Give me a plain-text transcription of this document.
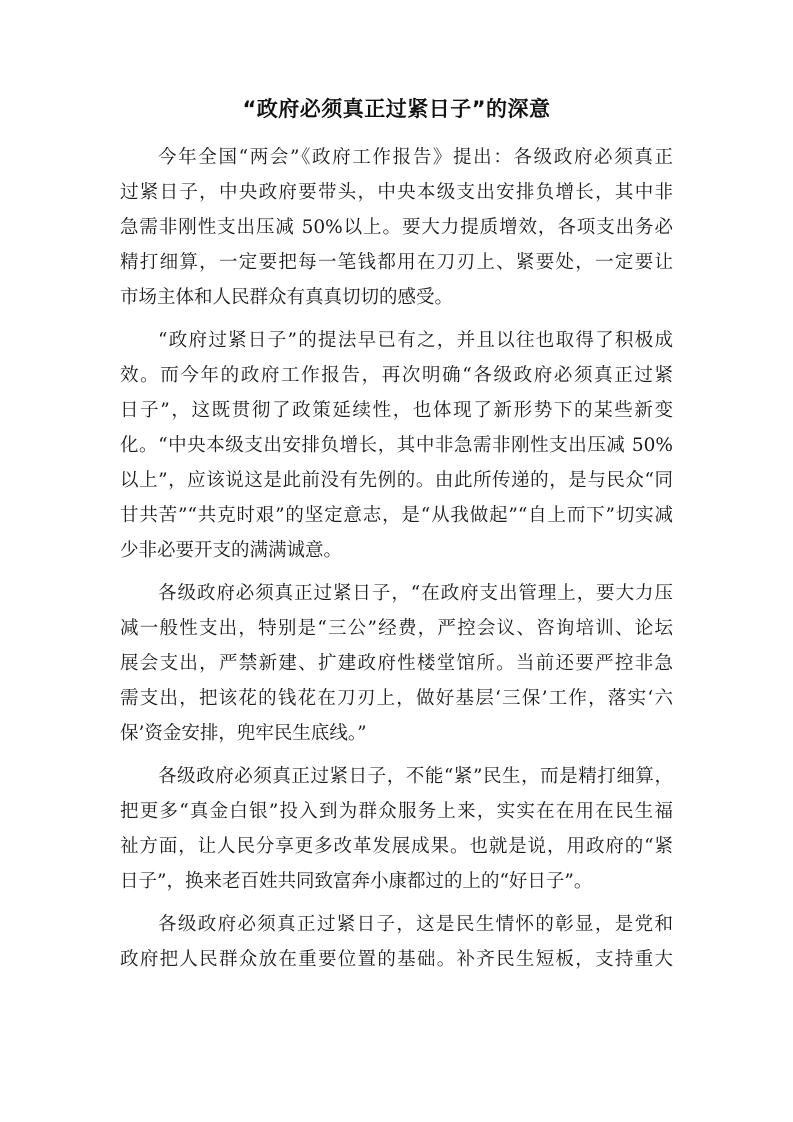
“政府必须真正过紧日子”的深意
今年全国“两会”《政府工作报告》提出：各级政府必须真正
过紧日子，中央政府要带头，中央本级支出安排负增长，其中非
急需非刚性支出压减 50%以上。要大力提质增效，各项支出务必
精打细算，一定要把每一笔钱都用在刀刃上、紧要处，一定要让
市场主体和人民群众有真真切切的感受。
“政府过紧日子”的提法早已有之，并且以往也取得了积极成
效。而今年的政府工作报告，再次明确“各级政府必须真正过紧
日子”，这既贯彻了政策延续性，也体现了新形势下的某些新变
化。“中央本级支出安排负增长，其中非急需非刚性支出压减 50%
以上”，应该说这是此前没有先例的。由此所传递的，是与民众“同
甘共苦”“共克时艰”的坚定意志，是“从我做起”“自上而下”切实减
少非必要开支的满满诚意。
各级政府必须真正过紧日子，“在政府支出管理上，要大力压
减一般性支出，特别是“三公”经费，严控会议、咨询培训、论坛
展会支出，严禁新建、扩建政府性楼堂馆所。当前还要严控非急
需支出，把该花的钱花在刀刃上，做好基层‘三保’工作，落实‘六
保’资金安排，兜牢民生底线。”
各级政府必须真正过紧日子，不能“紧”民生，而是精打细算，
把更多“真金白银”投入到为群众服务上来，实实在在用在民生福
祉方面，让人民分享更多改革发展成果。也就是说，用政府的“紧
日子”，换来老百姓共同致富奔小康都过的上的“好日子”。
各级政府必须真正过紧日子，这是民生情怀的彰显，是党和
政府把人民群众放在重要位置的基础。补齐民生短板，支持重大
